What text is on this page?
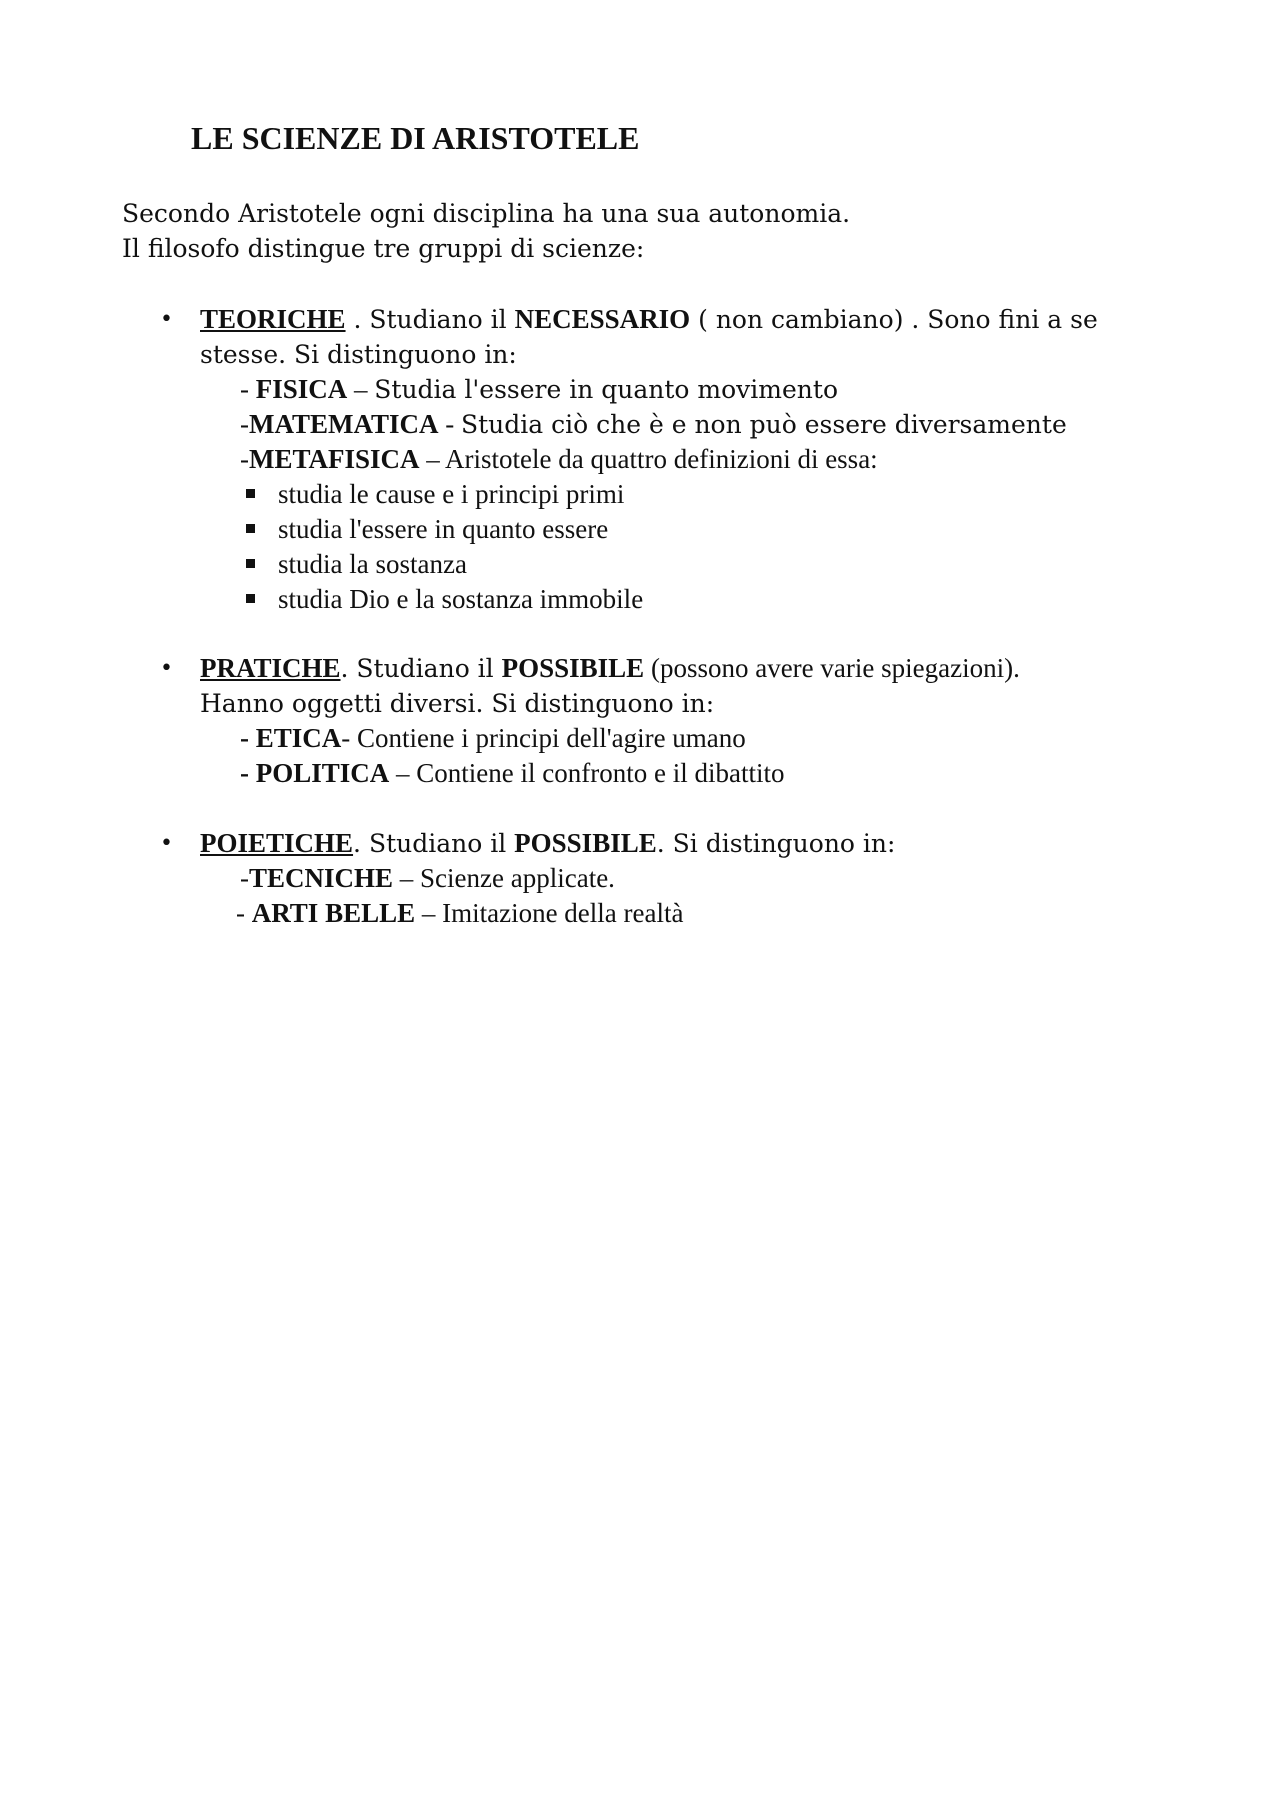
LE SCIENZE DI ARISTOTELE
Secondo Aristotele ogni disciplina ha una sua autonomia.
Il filosofo distingue tre gruppi di scienze:
• TEORICHE . Studiano il NECESSARIO ( non cambiano) . Sono fini a se
stesse. Si distinguono in:
- FISICA – Studia l'essere in quanto movimento
-MATEMATICA - Studia ciò che è e non può essere diversamente
-METAFISICA – Aristotele da quattro definizioni di essa:
studia le cause e i principi primi
studia l'essere in quanto essere
studia la sostanza
studia Dio e la sostanza immobile
• PRATICHE. Studiano il POSSIBILE (possono avere varie spiegazioni).
Hanno oggetti diversi. Si distinguono in:
- ETICA- Contiene i principi dell'agire umano
- POLITICA – Contiene il confronto e il dibattito
• POIETICHE. Studiano il POSSIBILE. Si distinguono in:
-TECNICHE – Scienze applicate.
- ARTI BELLE – Imitazione della realtà
